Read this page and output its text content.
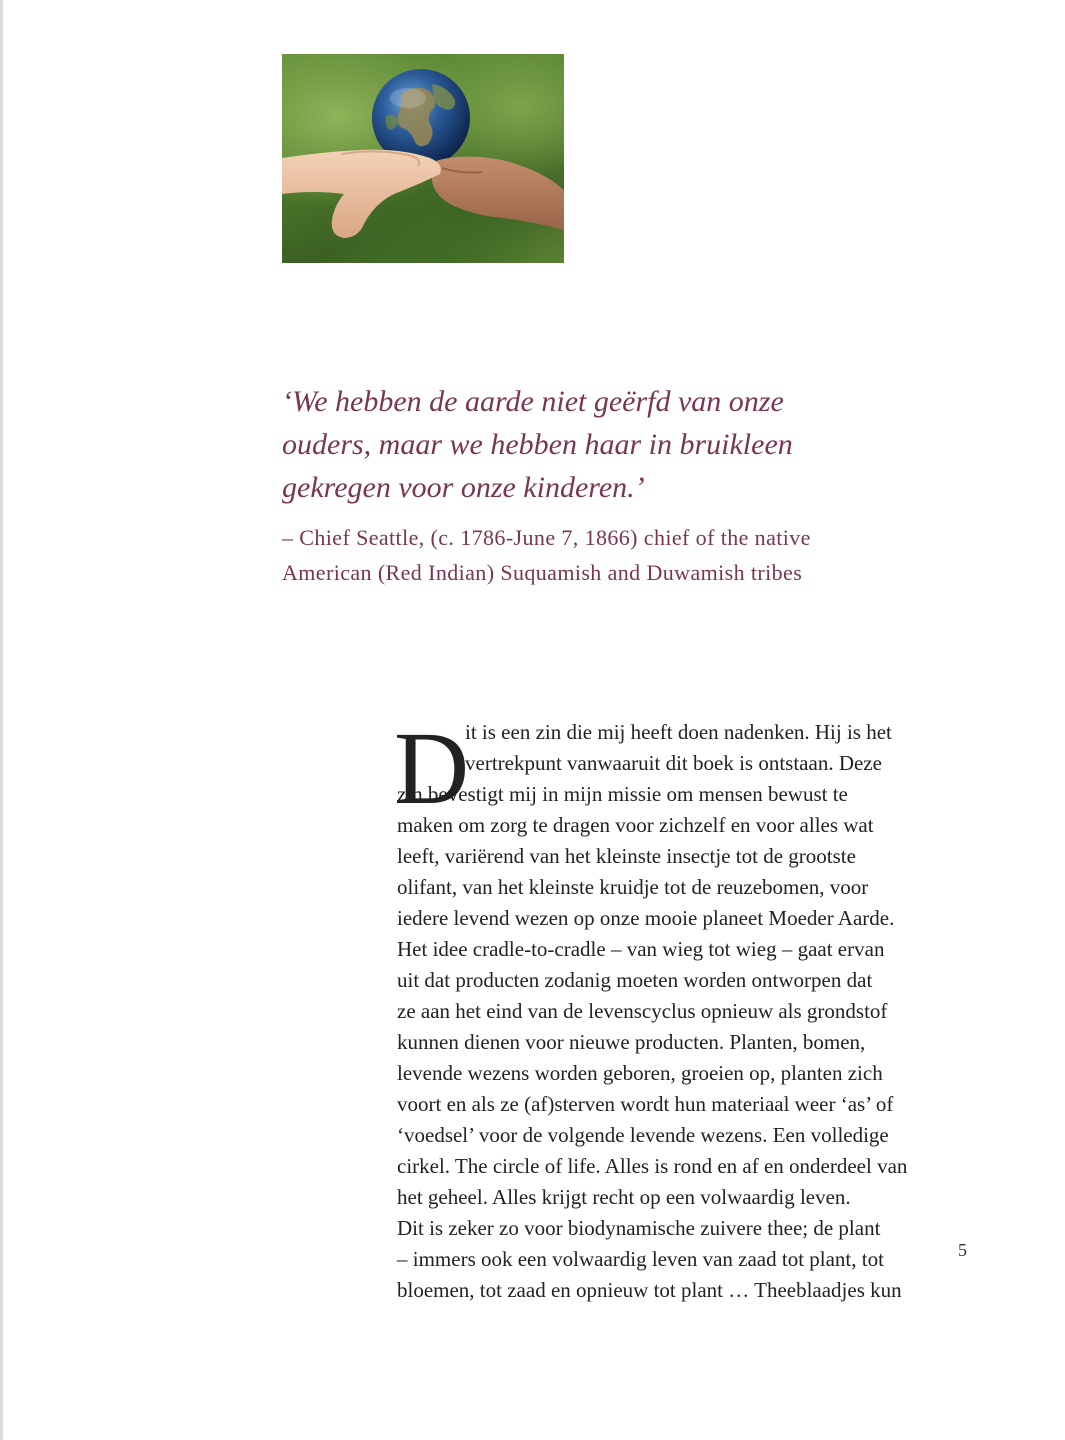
‘We hebben de aarde niet geërfd van onze
ouders, maar we hebben haar in bruikleen
gekregen voor onze kinderen.’

– Chief Seattle, (c. 1786-June 7, 1866) chief of the native
American (Red Indian) Suquamish and Duwamish tribes

D
it is een zin die mij heeft doen nadenken. Hij is het
vertrekpunt vanwaaruit dit boek is ontstaan. Deze
zin bevestigt mij in mijn missie om mensen bewust te
maken om zorg te dragen voor zichzelf en voor alles wat
leeft, variërend van het kleinste insectje tot de grootste
olifant, van het kleinste kruidje tot de reuzebomen, voor
iedere levend wezen op onze mooie planeet Moeder Aarde.
Het idee cradle-to-cradle – van wieg tot wieg – gaat ervan
uit dat producten zodanig moeten worden ontworpen dat
ze aan het eind van de levenscyclus opnieuw als grondstof
kunnen dienen voor nieuwe producten. Planten, bomen,
levende wezens worden geboren, groeien op, planten zich
voort en als ze (af)sterven wordt hun materiaal weer ‘as’ of
‘voedsel’ voor de volgende levende wezens. Een volledige
cirkel. The circle of life. Alles is rond en af en onderdeel van
het geheel. Alles krijgt recht op een volwaardig leven.
Dit is zeker zo voor biodynamische zuivere thee; de plant
– immers ook een volwaardig leven van zaad tot plant, tot
bloemen, tot zaad en opnieuw tot plant … Theeblaadjes kun
5
